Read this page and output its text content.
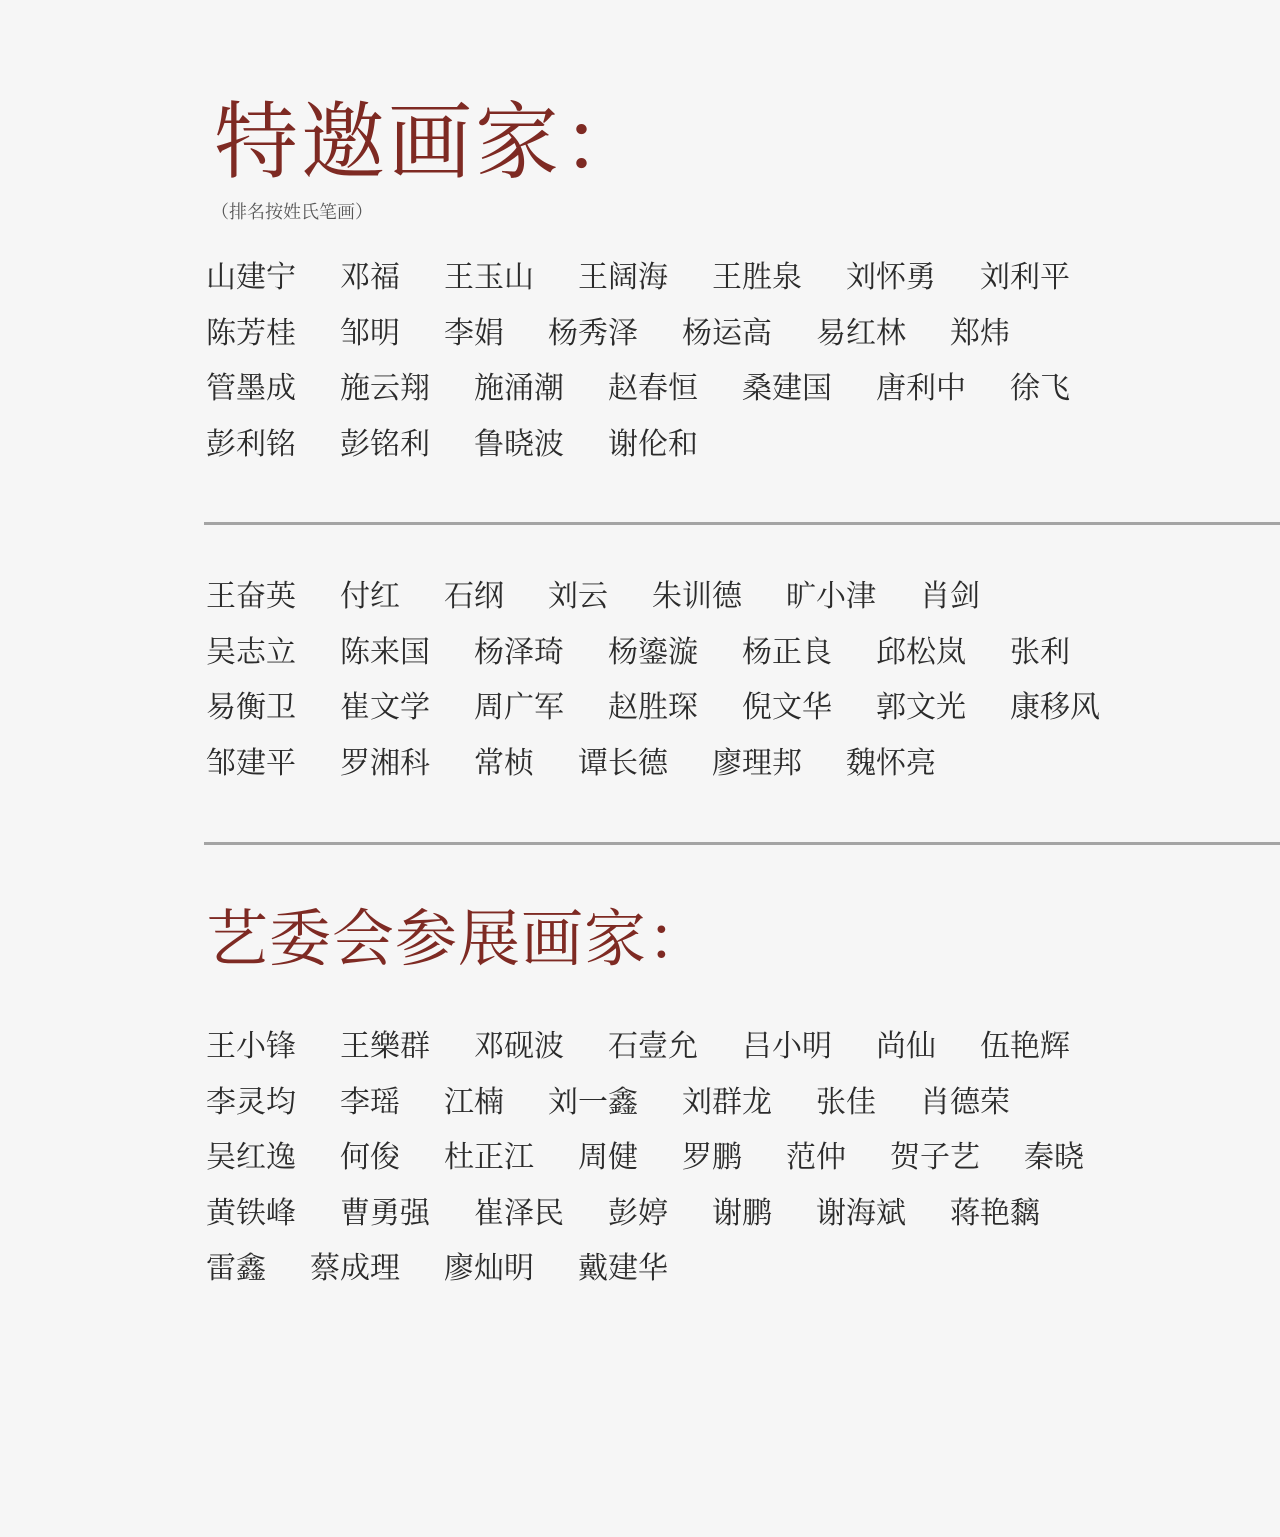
特邀画家：
（排名按姓氏笔画）
山建宁 邓福 王玉山 王阔海 王胜泉 刘怀勇 刘利平
陈芳桂 邹明 李娟 杨秀泽 杨运高 易红林 郑炜
管墨成 施云翔 施涌潮 赵春恒 桑建国 唐利中 徐飞
彭利铭 彭铭利 鲁晓波 谢伦和
王奋英 付红 石纲 刘云 朱训德 旷小津 肖剑
吴志立 陈来国 杨泽琦 杨鎏漩 杨正良 邱松岚 张利
易衡卫 崔文学 周广军 赵胜琛 倪文华 郭文光 康移风
邹建平 罗湘科 常桢 谭长德 廖理邦 魏怀亮
艺委会参展画家：
王小锋 王樂群 邓砚波 石壹允 吕小明 尚仙 伍艳辉
李灵均 李瑶 江楠 刘一鑫 刘群龙 张佳 肖德荣
吴红逸 何俊 杜正江 周健 罗鹏 范仲 贺子艺 秦晓
黄铁峰 曹勇强 崔泽民 彭婷 谢鹏 谢海斌 蒋艳黐
雷鑫 蔡成理 廖灿明 戴建华
